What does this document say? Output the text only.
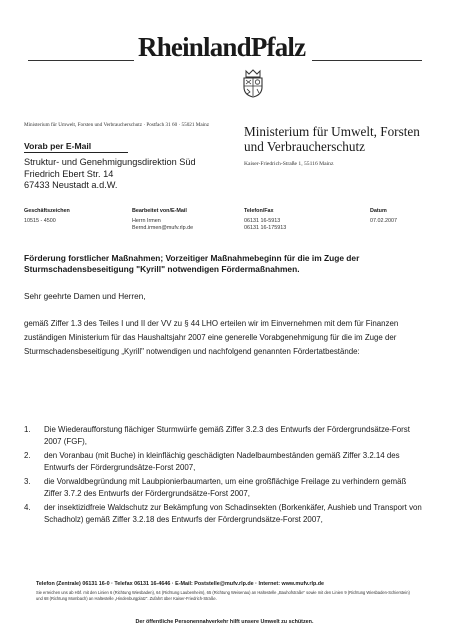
RheinlandPfalz
Ministerium für Umwelt, Forsten und Verbraucherschutz · Postfach 31 60 · 55021 Mainz	Ministerium für Umwelt, Forsten
und Verbraucherschutz
Kaiser-Friedrich-Straße 1, 55116 Mainz
Vorab per E-Mail
Struktur- und Genehmigungsdirektion Süd
Friedrich Ebert Str. 14
67433 Neustadt a.d.W.
Geschäftszeichen
10515 - 4500
Bearbeitet von/E-Mail
Herrn Irmen
Bernd.irmen@mufv.rlp.de
Telefon/Fax
06131 16-5913
06131 16-175913
Datum
07.02.2007
Förderung forstlicher Maßnahmen; Vorzeitiger Maßnahmebeginn für die im Zuge der Sturmschadensbeseitigung "Kyrill" notwendigen Fördermaßnahmen.
Sehr geehrte Damen und Herren,
gemäß Ziffer 1.3 des Teiles I und II der VV zu § 44 LHO erteilen wir im Einvernehmen mit dem für Finanzen zuständigen Ministerium für das Haushaltsjahr 2007 eine generelle Vorabgenehmigung für die im Zuge der Sturmschadensbeseitigung „Kyrill" notwendigen und nachfolgend genannten Fördertatbestände:
1. Die Wiederaufforstung flächiger Sturmwürfe gemäß Ziffer 3.2.3 des Entwurfs der Fördergrundsätze-Forst 2007 (FGF),
2. den Voranbau (mit Buche) in kleinflächig geschädigten Nadelbaumbeständen gemäß Ziffer 3.2.14 des Entwurfs der Fördergrundsätze-Forst 2007,
3. die Vorwaldbegründung mit Laubpionierbaumarten, um eine großflächige Freilage zu verhindern gemäß Ziffer 3.7.2 des Entwurfs der Fördergrundsätze-Forst 2007,
4. der insektizidfreie Waldschutz zur Bekämpfung von Schadinsekten (Borkenkäfer, Aushieb und Transport von Schadholz) gemäß Ziffer 3.2.18 des Entwurfs der Fördergrundsätze-Forst 2007,
Telefon (Zentrale) 06131 16-0 · Telefax 06131 16-4646 · E-Mail: Poststelle@mufv.rlp.de · Internet: www.mufv.rlp.de
Sie erreichen uns ab Hbf. mit den Linien 6 (Richtung Wiesbaden), 64 (Richtung Laubenheim), 65 (Richtung Weisenau) an Haltestelle „Bauhofstraße" sowie mit den Linien 9 (Richtung Wiesbaden-Schierstein) und 68 (Richtung Mombach) an Haltestelle „Hindenburgplatz". Zufahrt über Kaiser-Friedrich-Straße.
Der öffentliche Personennahverkehr hilft unsere Umwelt zu schützen.
